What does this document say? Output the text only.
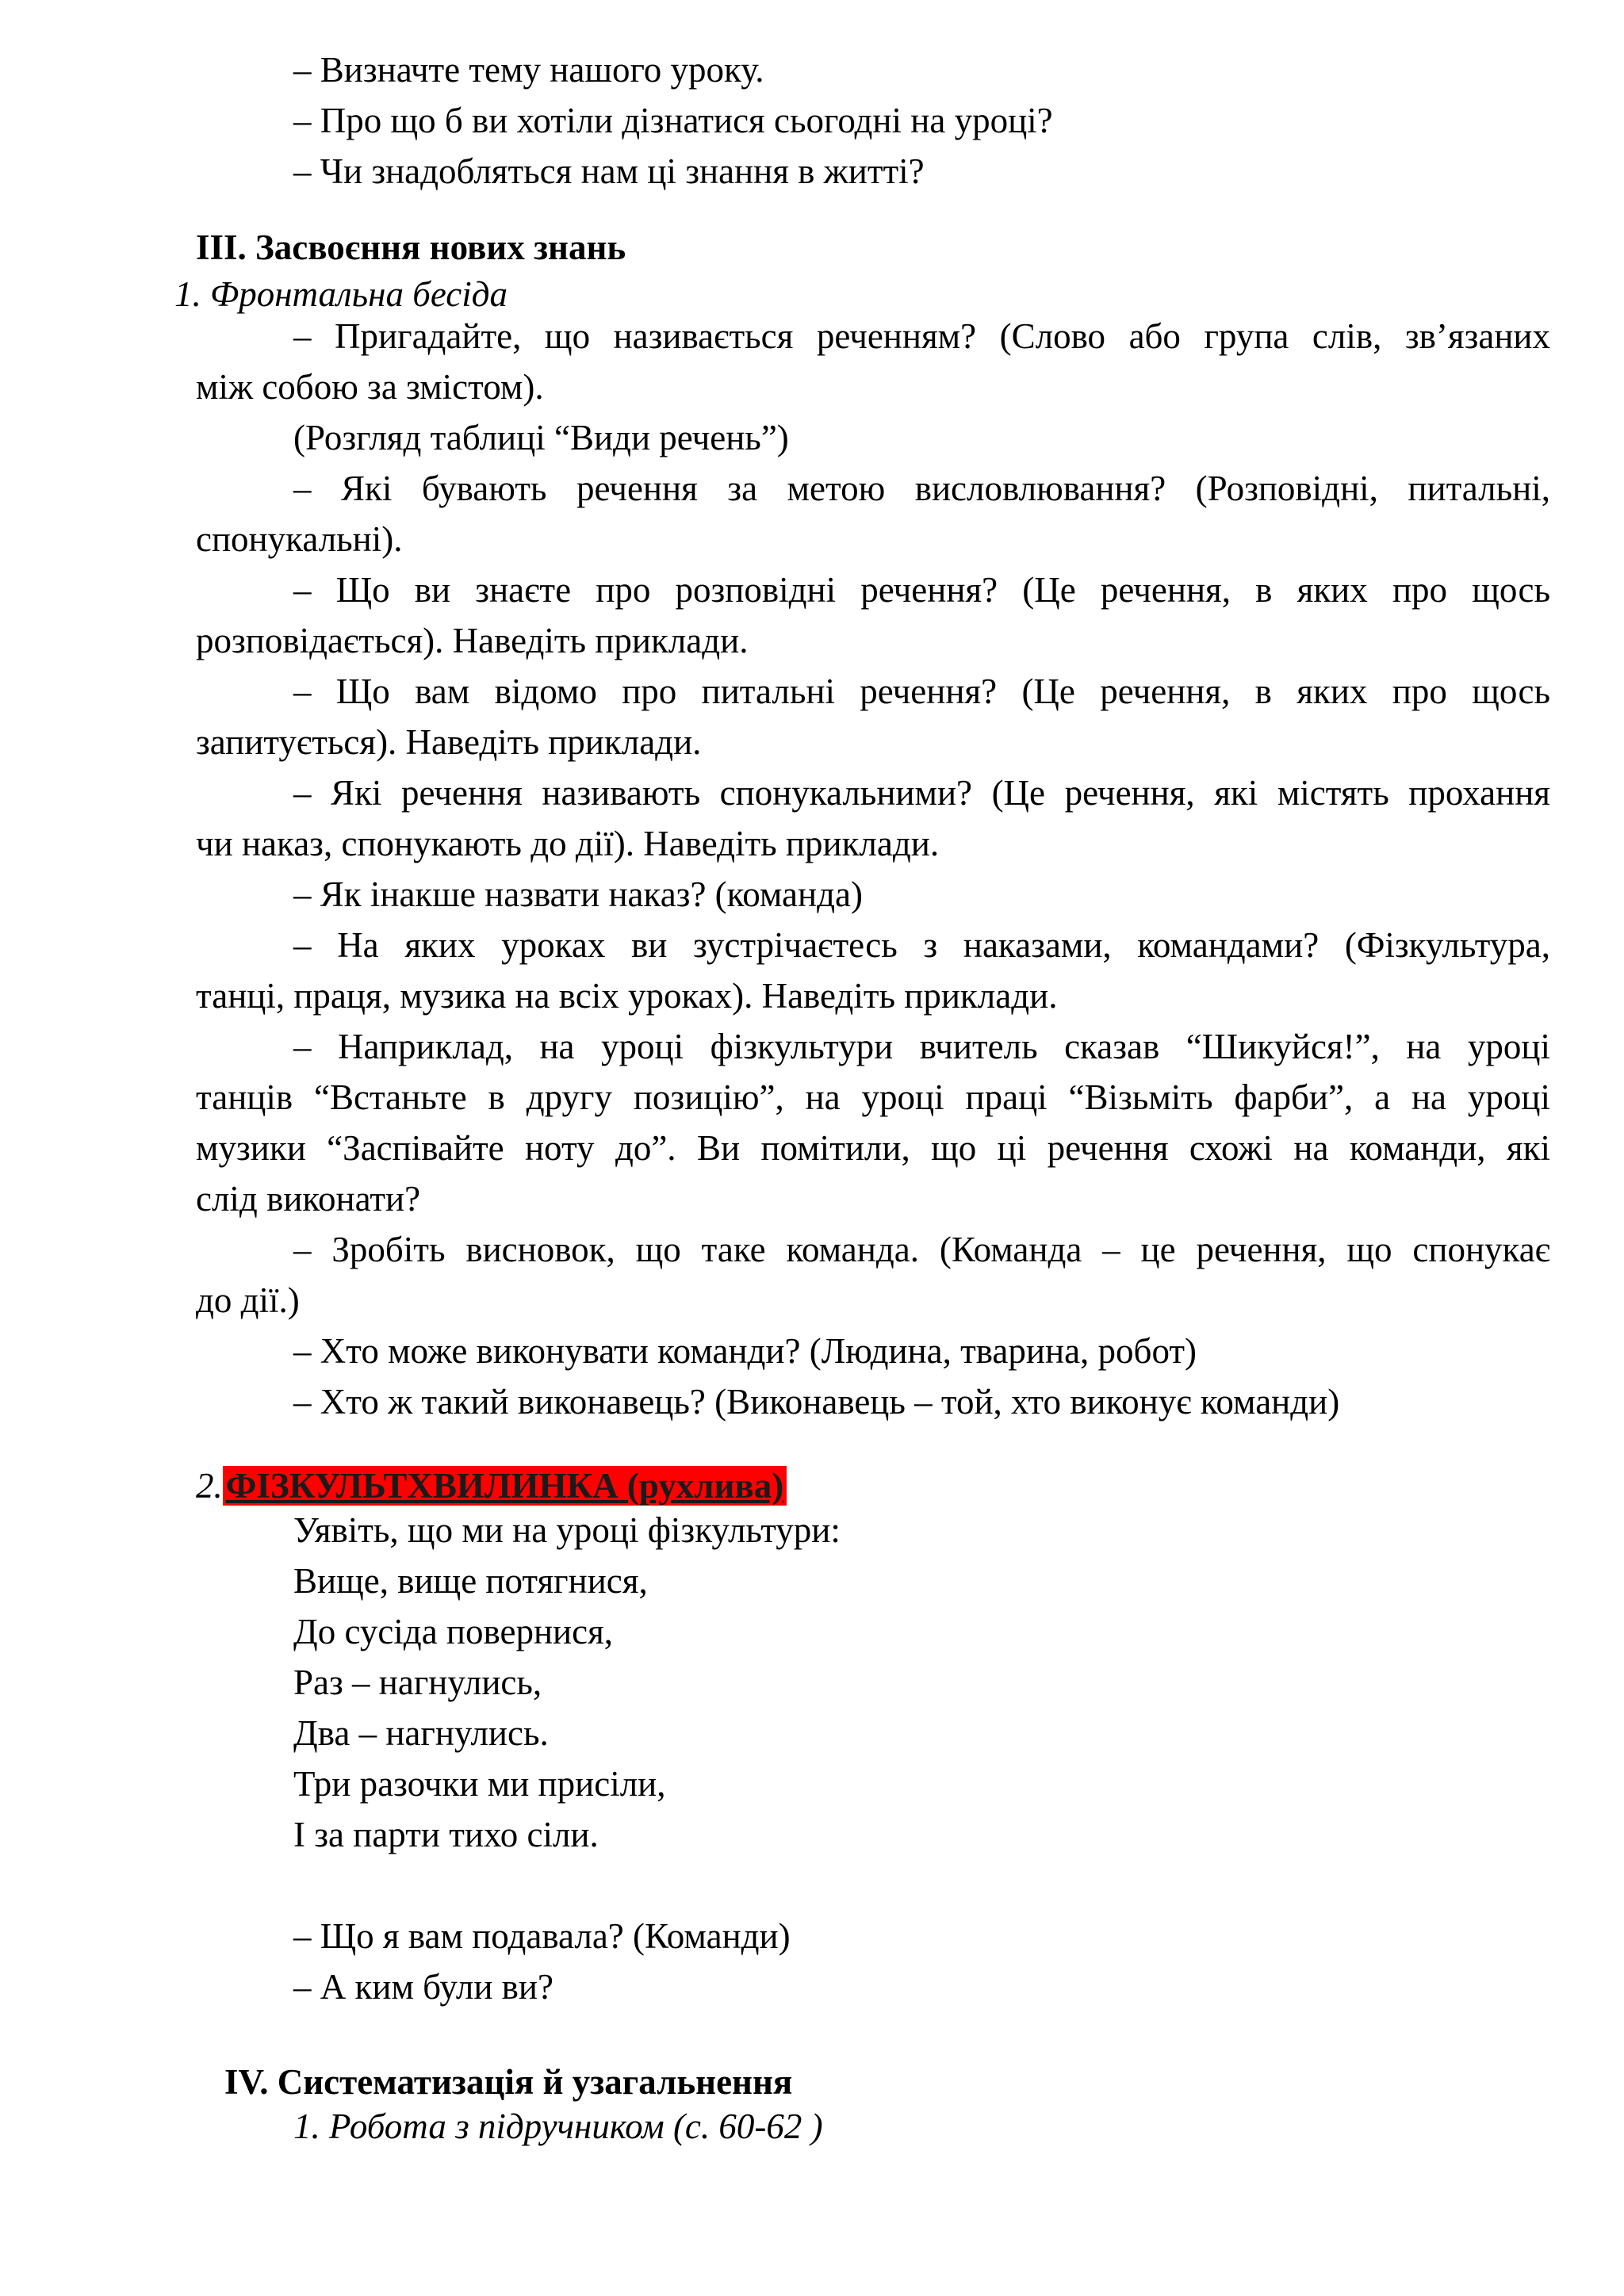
– Визначте тему нашого уроку.
– Про що б ви хотіли дізнатися сьогодні на уроці?
– Чи знадобляться нам ці знання в житті?
ІІІ. Засвоєння нових знань
1. Фронтальна бесіда
– Пригадайте, що називається реченням? (Слово або група слів, зв’язаних
між собою за змістом).
(Розгляд таблиці “Види речень”)
– Які бувають речення за метою висловлювання? (Розповідні, питальні,
спонукальні).
– Що ви знаєте про розповідні речення? (Це речення, в яких про щось
розповідається). Наведіть приклади.
– Що вам відомо про питальні речення? (Це речення, в яких про щось
запитується). Наведіть приклади.
– Які речення називають спонукальними? (Це речення, які містять прохання
чи наказ, спонукають до дії). Наведіть приклади.
– Як інакше назвати наказ? (команда)
– На яких уроках ви зустрічаєтесь з наказами, командами? (Фізкультура,
танці, праця, музика на всіх уроках). Наведіть приклади.
– Наприклад, на уроці фізкультури вчитель сказав “Шикуйся!”, на уроці
танців “Встаньте в другу позицію”, на уроці праці “Візьміть фарби”, а на уроці
музики “Заспівайте ноту до”. Ви помітили, що ці речення схожі на команди, які
слід виконати?
– Зробіть висновок, що таке команда. (Команда – це речення, що спонукає
до дії.)
– Хто може виконувати команди? (Людина, тварина, робот)
– Хто ж такий виконавець? (Виконавець – той, хто виконує команди)
2.ФІЗКУЛЬТХВИЛИНКА (рухлива)
Уявіть, що ми на уроці фізкультури:
Вище, вище потягнися,
До сусіда повернися,
Раз – нагнулись,
Два – нагнулись.
Три разочки ми присіли,
І за парти тихо сіли.
– Що я вам подавала? (Команди)
– А ким були ви?
IV. Систематизація й узагальнення
1. Робота з підручником (с. 60-62 )
